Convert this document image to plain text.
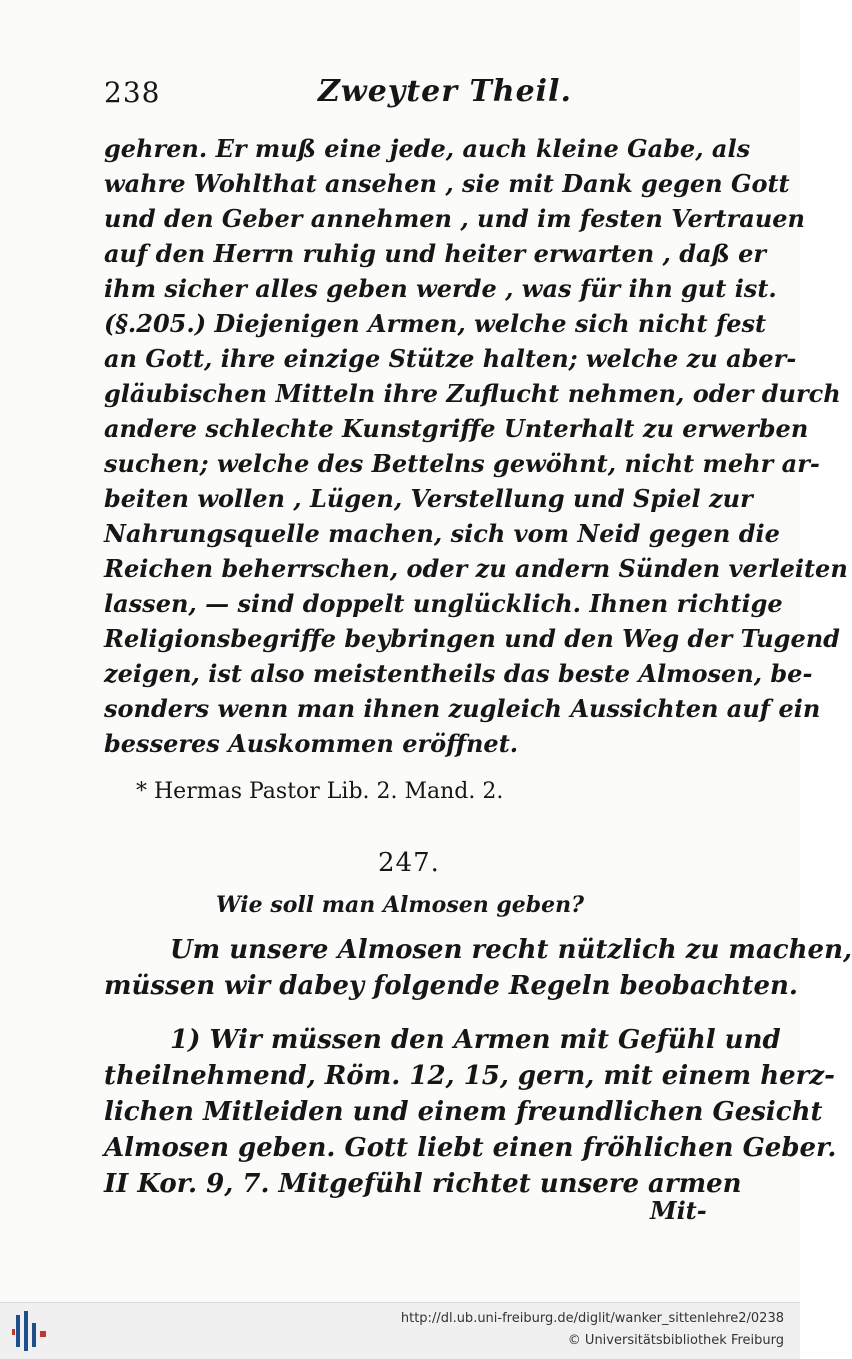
238	Zweyter Theil.
gehren. Er muß eine jede, auch kleine Gabe, als
wahre Wohlthat ansehen , sie mit Dank gegen Gott
und den Geber annehmen , und im festen Vertrauen
auf den Herrn ruhig und heiter erwarten , daß er
ihm sicher alles geben werde , was für ihn gut ist.
(§.205.) Diejenigen Armen, welche sich nicht fest
an Gott, ihre einzige Stütze halten; welche zu aber-
gläubischen Mitteln ihre Zuflucht nehmen, oder durch
andere schlechte Kunstgriffe Unterhalt zu erwerben
suchen; welche des Bettelns gewöhnt, nicht mehr ar-
beiten wollen , Lügen, Verstellung und Spiel zur
Nahrungsquelle machen, sich vom Neid gegen die
Reichen beherrschen, oder zu andern Sünden verleiten
lassen, — sind doppelt unglücklich. Ihnen richtige
Religionsbegriffe beybringen und den Weg der Tugend
zeigen, ist also meistentheils das beste Almosen, be-
sonders wenn man ihnen zugleich Aussichten auf ein
besseres Auskommen eröffnet.
* Hermas Pastor Lib. 2. Mand. 2.
247.
Wie soll man Almosen geben?
Um unsere Almosen recht nützlich zu machen,
müssen wir dabey folgende Regeln beobachten.
1) Wir müssen den Armen mit Gefühl und
theilnehmend, Röm. 12, 15, gern, mit einem herz-
lichen Mitleiden und einem freundlichen Gesicht
Almosen geben. Gott liebt einen fröhlichen Geber.
II Kor. 9, 7. Mitgefühl richtet unsere armen
Mit-
http://dl.ub.uni-freiburg.de/diglit/wanker_sittenlehre2/0238
© Universitätsbibliothek Freiburg
